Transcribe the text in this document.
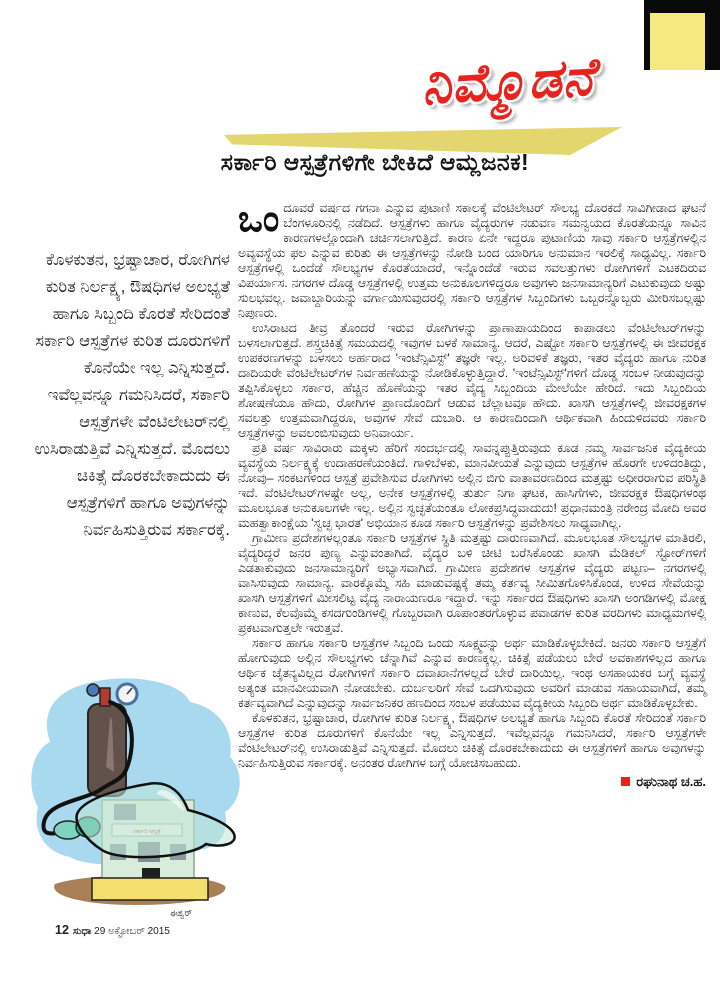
ನಿಮ್ಮೊಡನೆ
ಸರ್ಕಾರಿ ಆಸ್ಪತ್ರೆಗಳಿಗೇ ಬೇಕಿದೆ ಆಮ್ಲಜನಕ!
ಕೊಳಕುತನ, ಭ್ರಷ್ಟಾಚಾರ, ರೋಗಿಗಳ ಕುರಿತ ನಿರ್ಲಕ್ಷ್ಯ, ಔಷಧಿಗಳ ಅಲಭ್ಯತೆ ಹಾಗೂ ಸಿಬ್ಬಂದಿ ಕೊರತೆ ಸೇರಿದಂತೆ ಸರ್ಕಾರಿ ಆಸ್ಪತ್ರೆಗಳ ಕುರಿತ ದೂರುಗಳಿಗೆ ಕೊನೆಯೇ ಇಲ್ಲ ಎನ್ನಿಸುತ್ತದೆ. ಇವೆಲ್ಲವನ್ನೂ ಗಮನಿಸಿದರೆ, ಸರ್ಕಾರಿ ಆಸ್ಪತ್ರೆಗಳೇ ವೆಂಟಿಲೇಟರ್‌ನಲ್ಲಿ ಉಸಿರಾಡುತ್ತಿವೆ ಎನ್ನಿಸುತ್ತದೆ. ಮೊದಲು ಚಿಕಿತ್ಸೆ ದೊರಕಬೇಕಾದುದು ಈ ಆಸ್ಪತ್ರೆಗಳಿಗೆ ಹಾಗೂ ಅವುಗಳನ್ನು ನಿರ್ವಹಿಸುತ್ತಿರುವ ಸರ್ಕಾರಕ್ಕೆ.

ಒಂದೂವರೆ ವರ್ಷದ ಗಗನಾ ಎನ್ನುವ ಪುಟಾಣಿ ಸಕಾಲಕ್ಕೆ ವೆಂಟಿಲೇಟರ್ ಸೌಲಭ್ಯ ದೊರಕದೆ ಸಾವಿಗೀಡಾದ ಘಟನೆ ಬೆಂಗಳೂರಿನಲ್ಲಿ ನಡೆದಿದೆ. ಆಸ್ಪತ್ರೆಗಳು ಹಾಗೂ ವೈದ್ಯರುಗಳ ನಡುವಣ ಸಮನ್ವಯದ ಕೊರತೆಯನ್ನೂ ಸಾವಿನ ಕಾರಣಗಳಲ್ಲೊಂದಾಗಿ ಚರ್ಚಿಸಲಾಗುತ್ತಿದೆ. ಕಾರಣ ಏನೇ ಇದ್ದರೂ ಪುಟಾಣಿಯ ಸಾವು ಸರ್ಕಾರಿ ಆಸ್ಪತ್ರೆಗಳಲ್ಲಿನ ಅವ್ಯವಸ್ಥೆಯ ಫಲ ಎನ್ನುವ ಕುರಿತು ಈ ಆಸ್ಪತ್ರೆಗಳನ್ನು ನೋಡಿ ಬಂದ ಯಾರಿಗೂ ಅನುಮಾನ ಇರಲಿಕ್ಕೆ ಸಾಧ್ಯವಿಲ್ಲ. ಸರ್ಕಾರಿ ಆಸ್ಪತ್ರೆಗಳಲ್ಲಿ ಒಂದೆಡೆ ಸೌಲಭ್ಯಗಳ ಕೊರತೆಯಾದರೆ, ಇನ್ನೊಂದೆಡೆ ಇರುವ ಸವಲತ್ತುಗಳು ರೋಗಿಗಳಿಗೆ ಎಟಕದಿರುವ ವಿಪರ್ಯಾಸ. ನಗರಗಳ ದೊಡ್ಡ ಆಸ್ಪತ್ರೆಗಳಲ್ಲಿ ಉತ್ತಮ ಅನುಕೂಲಗಳಿದ್ದರೂ ಅವುಗಳು ಜನಸಾಮಾನ್ಯರಿಗೆ ಎಟುಕುವುದು ಅಷ್ಟು ಸುಲಭವಲ್ಲ. ಜವಾಬ್ದಾರಿಯನ್ನು ವರ್ಗಾಯಿಸುವುದರಲ್ಲಿ ಸರ್ಕಾರಿ ಆಸ್ಪತ್ರೆಗಳ ಸಿಬ್ಬಂದಿಗಳು ಒಬ್ಬರನ್ನೊಬ್ಬರು ಮೀರಿಸಬಲ್ಲಷ್ಟು ನಿಪುಣರು.

ಉಸಿರಾಟದ ತೀವ್ರ ತೊಂದರೆ ಇರುವ ರೋಗಿಗಳನ್ನು ಪ್ರಾಣಾಪಾಯದಿಂದ ಕಾಪಾಡಲು ವೆಂಟಿಲೇಟರ್‌ಗಳನ್ನು ಬಳಸಲಾಗುತ್ತದೆ. ಶಸ್ತ್ರಚಿಕಿತ್ಸೆ ಸಮಯದಲ್ಲಿ ಇವುಗಳ ಬಳಕೆ ಸಾಮಾನ್ಯ. ಆದರೆ, ಎಷ್ಟೋ ಸರ್ಕಾರಿ ಆಸ್ಪತ್ರೆಗಳಲ್ಲಿ ಈ ಜೀವರಕ್ಷಕ ಉಪಕರಣಗಳನ್ನು ಬಳಸಲು ಅರ್ಹರಾದ 'ಇಂಟೆನ್ಸಿವಿಸ್ಟ್' ತಜ್ಞರೇ ಇಲ್ಲ. ಅರಿವಳಿಕೆ ತಜ್ಞರು, ಇತರ ವೈದ್ಯರು ಹಾಗೂ ನುರಿತ ದಾದಿಯರೇ ವೆಂಟಿಲೇಟರ್‌ಗಳ ನಿರ್ವಹಣೆಯನ್ನು ನೋಡಿಕೊಳ್ಳುತ್ತಿದ್ದಾರೆ. 'ಇಂಟೆನ್ಸಿವಿಸ್ಟ್'ಗಳಿಗೆ ದೊಡ್ಡ ಸಂಬಳ ನೀಡುವುದನ್ನು ತಪ್ಪಿಸಿಕೊಳ್ಳಲು ಸರ್ಕಾರ, ಹೆಚ್ಚಿನ ಹೊಣೆಯನ್ನು ಇತರ ವೈದ್ಯ ಸಿಬ್ಬಂದಿಯ ಮೇಲೆಯೇ ಹೇರಿದೆ. ಇದು ಸಿಬ್ಬಂದಿಯ ಶೋಷಣೆಯೂ ಹೌದು, ರೋಗಿಗಳ ಪ್ರಾಣದೊಂದಿಗೆ ಆಡುವ ಚೆಲ್ಲಾಟವೂ ಹೌದು. ಖಾಸಗಿ ಆಸ್ಪತ್ರೆಗಳಲ್ಲಿ ಜೀವರಕ್ಷಕಗಳ ಸವಲತ್ತು ಉತ್ತಮವಾಗಿದ್ದರೂ, ಅವುಗಳ ಸೇವೆ ದುಬಾರಿ. ಆ ಕಾರಣದಿಂದಾಗಿ ಆರ್ಥಿಕವಾಗಿ ಹಿಂದುಳಿದವರು ಸರ್ಕಾರಿ ಆಸ್ಪತ್ರೆಗಳನ್ನು ಅವಲಂಬಿಸುವುದು ಅನಿವಾರ್ಯ.

ಪ್ರತಿ ವರ್ಷ ಸಾವಿರಾರು ಮಕ್ಕಳು ಹೆರಿಗೆ ಸಂದರ್ಭದಲ್ಲಿ ಸಾವನ್ನಪ್ಪುತ್ತಿರುವುದು ಕೂಡ ನಮ್ಮ ಸಾರ್ವಜನಿಕ ವೈದ್ಯಕೀಯ ವ್ಯವಸ್ಥೆಯ ನಿರ್ಲಕ್ಷ್ಯಕ್ಕೆ ಉದಾಹರಣೆಯಂತಿದೆ. ಗಾಳಿಬೆಳಕು, ಮಾನವೀಯತೆ ಎನ್ನುವುದು ಆಸ್ಪತ್ರೆಗಳ ಹೊರಗೇ ಉಳಿದಂತಿದ್ದು, ನೋವು– ಸಂಕಟಗಳಿಂದ ಆಸ್ಪತ್ರೆ ಪ್ರವೇಶಿಸುವ ರೋಗಿಗಳು ಅಲ್ಲಿನ ಬಿಗು ವಾತಾವರಣದಿಂದ ಮತ್ತಷ್ಟು ಅಧೀರರಾಗುವ ಪರಿಸ್ಥಿತಿ ಇದೆ. ವೆಂಟಿಲೇಟರ್‌ಗಳಷ್ಟೇ ಅಲ್ಲ, ಅನೇಕ ಆಸ್ಪತ್ರೆಗಳಲ್ಲಿ ತುರ್ತು ನಿಗಾ ಘಟಕ, ಹಾಸಿಗೆಗಳು, ಜೀವರಕ್ಷಕ ಔಷಧಿಗಳಂಥ ಮೂಲಭೂತ ಅನುಕೂಲಗಳೇ ಇಲ್ಲ. ಅಲ್ಲಿನ ಸ್ವಚ್ಛತೆಯಂತೂ ಲೋಕಪ್ರಸಿದ್ಧವಾದುದು! ಪ್ರಧಾನಮಂತ್ರಿ ನರೇಂದ್ರ ಮೋದಿ ಅವರ ಮಹತ್ವಾಕಾಂಕ್ಷೆಯ 'ಸ್ವಚ್ಛ ಭಾರತ' ಅಭಿಯಾನ ಕೂಡ ಸರ್ಕಾರಿ ಆಸ್ಪತ್ರೆಗಳನ್ನು ಪ್ರವೇಶಿಸಲು ಸಾಧ್ಯವಾಗಿಲ್ಲ.

ಗ್ರಾಮೀಣ ಪ್ರದೇಶಗಳಲ್ಲಂತೂ ಸರ್ಕಾರಿ ಆಸ್ಪತ್ರೆಗಳ ಸ್ಥಿತಿ ಮತ್ತಷ್ಟು ದಾರುಣವಾಗಿದೆ. ಮೂಲಭೂತ ಸೌಲಭ್ಯಗಳ ಮಾತಿರಲಿ, ವೈದ್ಯರಿದ್ದರೆ ಜನರ ಪುಣ್ಯ ಎನ್ನುವಂತಾಗಿದೆ. ವೈದ್ಯರ ಬಳಿ ಚೀಟಿ ಬರೆಸಿಕೊಂಡು ಖಾಸಗಿ ಮೆಡಿಕಲ್ ಸ್ಟೋರ್‌ಗಳಿಗೆ ಎಡತಾಕುವುದು ಜನಸಾಮಾನ್ಯರಿಗೆ ಅಭ್ಯಾಸವಾಗಿದೆ. ಗ್ರಾಮೀಣ ಪ್ರದೇಶಗಳ ಆಸ್ಪತ್ರೆಗಳ ವೈದ್ಯರು ಪಟ್ಟಣ– ನಗರಗಳಲ್ಲಿ ವಾಸಿಸುವುದು ಸಾಮಾನ್ಯ. ವಾರಕ್ಕೊಮ್ಮೆ ಸಹಿ ಮಾಡುವಷ್ಟಕ್ಕೆ ತಮ್ಮ ಕರ್ತವ್ಯ ಸೀಮಿತಗೊಳಿಸಿಕೊಂಡ, ಉಳಿದ ಸೇವೆಯನ್ನು ಖಾಸಗಿ ಆಸ್ಪತ್ರೆಗಳಿಗೆ ಮೀಸಲಿಟ್ಟ ವೈದ್ಯ ನಾರಾಯಣರೂ ಇದ್ದಾರೆ. ಇನ್ನು ಸರ್ಕಾರದ ಔಷಧಿಗಳು ಖಾಸಗಿ ಅಂಗಡಿಗಳಲ್ಲಿ ಮೋಕ್ಷ ಕಾಣುವ, ಕೆಲವೊಮ್ಮೆ ಕಸದಗುಂಡಿಗಳಲ್ಲಿ ಗೊಬ್ಬರವಾಗಿ ರೂಪಾಂತರಗೊಳ್ಳುವ ಪವಾಡಗಳ ಕುರಿತ ವರದಿಗಳು ಮಾಧ್ಯಮಗಳಲ್ಲಿ ಪ್ರಕಟವಾಗುತ್ತಲೇ ಇರುತ್ತವೆ.

ಸರ್ಕಾರ ಹಾಗೂ ಸರ್ಕಾರಿ ಆಸ್ಪತ್ರೆಗಳ ಸಿಬ್ಬಂದಿ ಒಂದು ಸೂಕ್ಷ್ಮವನ್ನು ಅರ್ಥ ಮಾಡಿಕೊಳ್ಳಬೇಕಿದೆ. ಜನರು ಸರ್ಕಾರಿ ಆಸ್ಪತ್ರೆಗೆ ಹೋಗುವುದು ಅಲ್ಲಿನ ಸೌಲಭ್ಯಗಳು ಚೆನ್ನಾಗಿವೆ ಎನ್ನುವ ಕಾರಣಕ್ಕಲ್ಲ. ಚಿಕಿತ್ಸೆ ಪಡೆಯಲು ಬೇರೆ ಅವಕಾಶಗಳಿಲ್ಲದ ಹಾಗೂ ಆರ್ಥಿಕ ಚೈತನ್ಯವಿಲ್ಲದ ರೋಗಿಗಳಿಗೆ ಸರ್ಕಾರಿ ದವಾಖಾನೆಗಳಲ್ಲದೆ ಬೇರೆ ದಾರಿಯಿಲ್ಲ. ಇಂಥ ಅಸಹಾಯಕರ ಬಗ್ಗೆ ವ್ಯವಸ್ಥೆ ಅತ್ಯಂತ ಮಾನವೀಯವಾಗಿ ನೋಡಬೇಕು. ದುರ್ಬಲರಿಗೆ ಸೇವೆ ಒದಗಿಸುವುದು ಅವರಿಗೆ ಮಾಡುವ ಸಹಾಯವಾಗಿದೆ, ತಮ್ಮ ಕರ್ತವ್ಯವಾಗಿದೆ ಎನ್ನುವುದನ್ನು ಸಾರ್ವಜನಿಕರ ಹಣದಿಂದ ಸಂಬಳ ಪಡೆಯುವ ವೈದ್ಯಕೀಯ ಸಿಬ್ಬಂದಿ ಅರ್ಥ ಮಾಡಿಕೊಳ್ಳಬೇಕು.

ಕೊಳಕುತನ, ಭ್ರಷ್ಟಾಚಾರ, ರೋಗಿಗಳ ಕುರಿತ ನಿರ್ಲಕ್ಷ್ಯ, ಔಷಧಿಗಳ ಅಲಭ್ಯತೆ ಹಾಗೂ ಸಿಬ್ಬಂದಿ ಕೊರತೆ ಸೇರಿದಂತೆ ಸರ್ಕಾರಿ ಆಸ್ಪತ್ರೆಗಳ ಕುರಿತ ದೂರುಗಳಿಗೆ ಕೊನೆಯೇ ಇಲ್ಲ ಎನ್ನಿಸುತ್ತದೆ. ಇವೆಲ್ಲವನ್ನೂ ಗಮನಿಸಿದರೆ, ಸರ್ಕಾರಿ ಆಸ್ಪತ್ರೆಗಳೇ ವೆಂಟಿಲೇಟರ್‌ನಲ್ಲಿ ಉಸಿರಾಡುತ್ತಿವೆ ಎನ್ನಿಸುತ್ತದೆ. ಮೊದಲು ಚಿಕಿತ್ಸೆ ದೊರಕಬೇಕಾದುದು ಈ ಆಸ್ಪತ್ರೆಗಳಿಗೆ ಹಾಗೂ ಅವುಗಳನ್ನು ನಿರ್ವಹಿಸುತ್ತಿರುವ ಸರ್ಕಾರಕ್ಕೆ. ಅನಂತರ ರೋಗಿಗಳ ಬಗ್ಗೆ ಯೋಚಿಸಬಹುದು.

ರಘುನಾಥ ಚ.ಹ.
ಈಶ್ವರ್
12 ಸುಧಾ 29 ಅಕ್ಟೋಬರ್ 2015
